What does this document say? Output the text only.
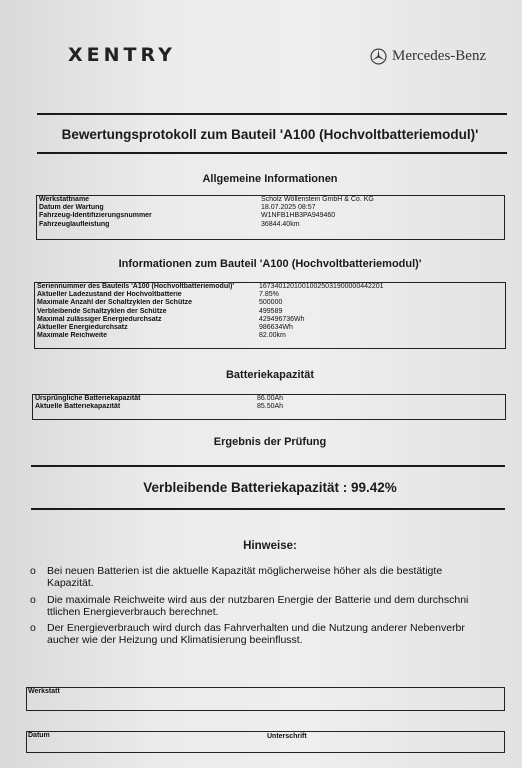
XENTRY	Mercedes-Benz
Bewertungsprotokoll zum Bauteil 'A100 (Hochvoltbatteriemodul)'
Allgemeine Informationen
Werkstattname	Scholz Wöllenstein GmbH & Co. KG
Datum der Wartung	18.07.2025 08:57
Fahrzeug-Identifizierungsnummer	W1NFB1HB3PA949460
Fahrzeuglaufleistung	36844.40km
Informationen zum Bauteil 'A100 (Hochvoltbatteriemodul)'
Seriennummer des Bauteils 'A100 (Hochvoltbatteriemodul)'	16734012010010025031900000442201
Aktueller Ladezustand der Hochvoltbatterie	7.85%
Maximale Anzahl der Schaltzyklen der Schütze	500000
Verbleibende Schaltzyklen der Schütze	499589
Maximal zulässiger Energiedurchsatz	429496736Wh
Aktueller Energiedurchsatz	986634Wh
Maximale Reichweite	82.00km
Batteriekapazität
Ursprüngliche Batteriekapazität	86.00Ah
Aktuelle Batteriekapazität	85.50Ah
Ergebnis der Prüfung
Verbleibende Batteriekapazität : 99.42%
Hinweise:
o	Bei neuen Batterien ist die aktuelle Kapazität möglicherweise höher als die bestätigte
Kapazität.
o	Die maximale Reichweite wird aus der nutzbaren Energie der Batterie und dem durchschni
ttlichen Energieverbrauch berechnet.
o	Der Energieverbrauch wird durch das Fahrverhalten und die Nutzung anderer Nebenverbr
aucher wie der Heizung und Klimatisierung beeinflusst.
Werkstatt
Datum	Unterschrift
